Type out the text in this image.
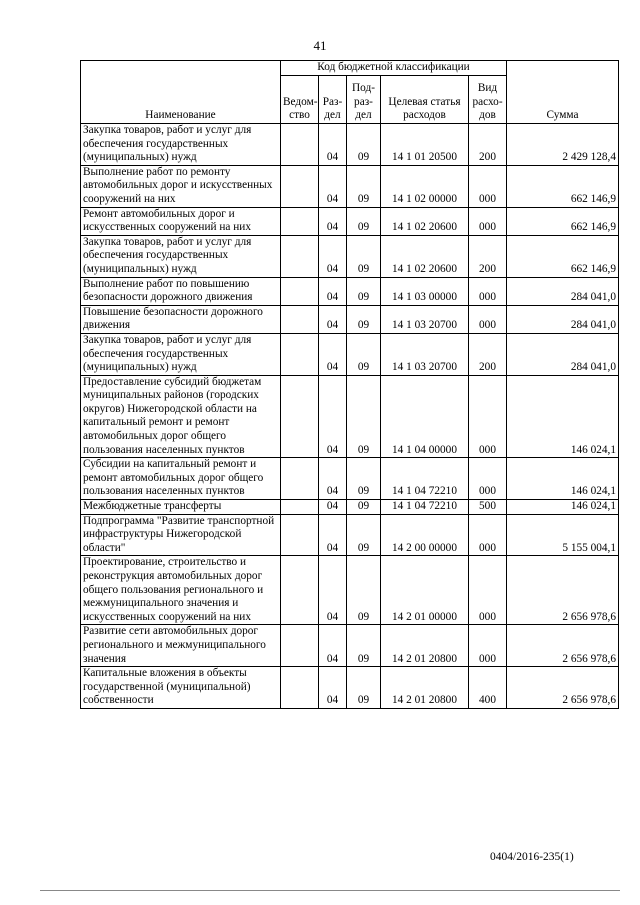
41
Наименование	Код бюджетной классификации					Сумма
	Ведом-ство	Раз-дел	Под-раз-дел	Целевая статья расходов	Вид расхо-дов	
Закупка товаров, работ и услуг для обеспечения государственных (муниципальных) нужд		04	09	14 1 01 20500	200	2 429 128,4
Выполнение работ по ремонту автомобильных дорог и искусственных сооружений на них		04	09	14 1 02 00000	000	662 146,9
Ремонт автомобильных дорог и искусственных сооружений на них		04	09	14 1 02 20600	000	662 146,9
Закупка товаров, работ и услуг для обеспечения государственных (муниципальных) нужд		04	09	14 1 02 20600	200	662 146,9
Выполнение работ по повышению безопасности дорожного движения		04	09	14 1 03 00000	000	284 041,0
Повышение безопасности дорожного движения		04	09	14 1 03 20700	000	284 041,0
Закупка товаров, работ и услуг для обеспечения государственных (муниципальных) нужд		04	09	14 1 03 20700	200	284 041,0
Предоставление субсидий бюджетам муниципальных районов (городских округов) Нижегородской области на капитальный ремонт и ремонт автомобильных дорог общего пользования населенных пунктов		04	09	14 1 04 00000	000	146 024,1
Субсидии на капитальный ремонт и ремонт автомобильных дорог общего пользования населенных пунктов		04	09	14 1 04 72210	000	146 024,1
Межбюджетные трансферты		04	09	14 1 04 72210	500	146 024,1
Подпрограмма "Развитие транспортной инфраструктуры Нижегородской области"		04	09	14 2 00 00000	000	5 155 004,1
Проектирование, строительство и реконструкция автомобильных дорог общего пользования регионального и межмуниципального значения и искусственных сооружений на них		04	09	14 2 01 00000	000	2 656 978,6
Развитие сети автомобильных дорог регионального и межмуниципального значения		04	09	14 2 01 20800	000	2 656 978,6
Капитальные вложения в объекты государственной (муниципальной) собственности		04	09	14 2 01 20800	400	2 656 978,6
0404/2016-235(1)
